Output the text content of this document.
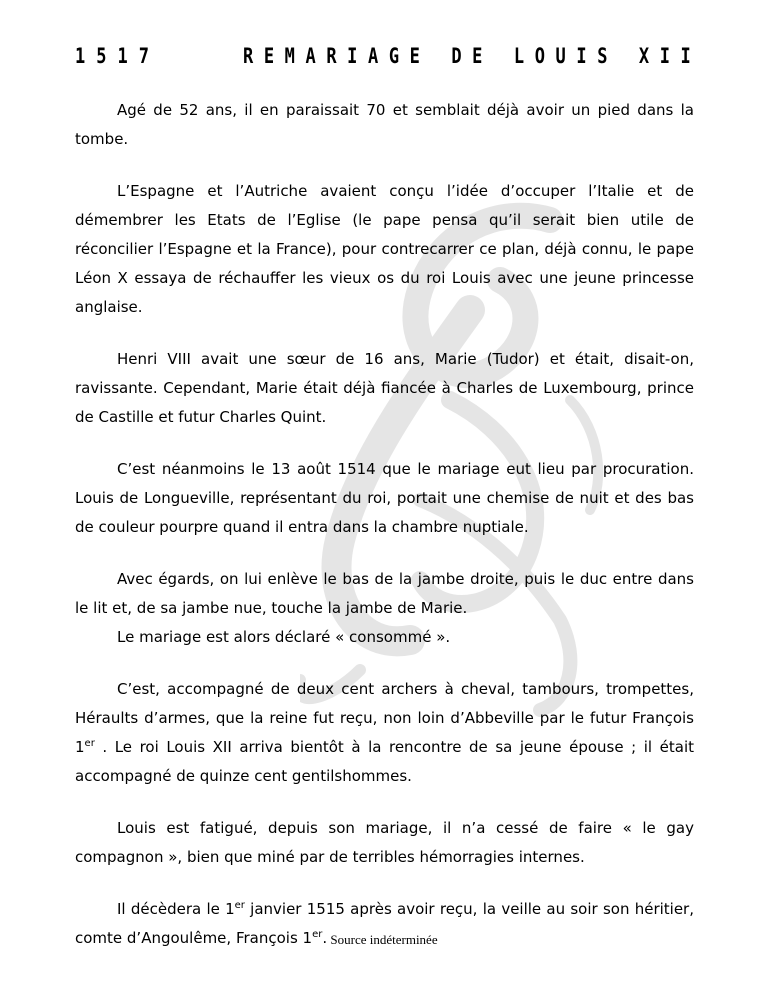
1517	REMARIAGE DE LOUIS XII

Agé de 52 ans, il en paraissait 70 et semblait déjà avoir un pied dans la tombe.

L’Espagne et l’Autriche avaient conçu l’idée d’occuper l’Italie et de démembrer les Etats de l’Eglise (le pape pensa qu’il serait bien utile de réconcilier l’Espagne et la France), pour contrecarrer ce plan, déjà connu, le pape Léon X essaya de réchauffer les vieux os du roi Louis avec une jeune princesse anglaise.

Henri VIII avait une sœur de 16 ans, Marie (Tudor) et était, disait-on, ravissante. Cependant, Marie était déjà fiancée à Charles de Luxembourg, prince de Castille et futur Charles Quint.

C’est néanmoins le 13 août 1514 que le mariage eut lieu par procuration. Louis de Longueville, représentant du roi, portait une chemise de nuit et des bas de couleur pourpre quand il entra dans la chambre nuptiale.

Avec égards, on lui enlève le bas de la jambe droite, puis le duc entre dans le lit et, de sa jambe nue, touche la jambe de Marie.

Le mariage est alors déclaré « consommé ».

C’est, accompagné de deux cent archers à cheval, tambours, trompettes, Héraults d’armes, que la reine fut reçu, non loin d’Abbeville par le futur François 1er . Le roi Louis XII arriva bientôt à la rencontre de sa jeune épouse ; il était accompagné de quinze cent gentilshommes.

Louis est fatigué, depuis son mariage, il n’a cessé de faire « le gay compagnon », bien que miné par de terribles hémorragies internes.

Il décèdera le 1er janvier 1515 après avoir reçu, la veille au soir son héritier, comte d’Angoulême, François 1er. Source indéterminée
